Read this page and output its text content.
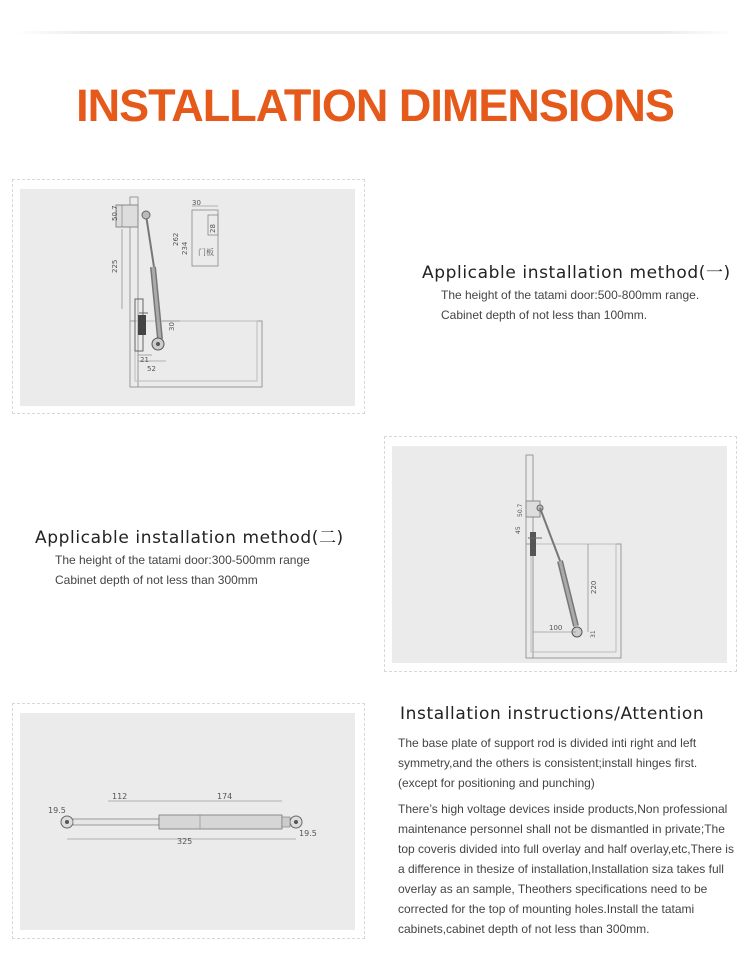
INSTALLATION DIMENSIONS
50.7
225
30
21
52
30
262
28
234 门板
Applicable installation method(一)
The height of the tatami door:500-800mm range.
Cabinet depth of not less than 100mm.
Applicable installation method(二)
The height of the tatami door:300-500mm range
Cabinet depth of not less than 300mm
50.7
45
220
100
31
112	174
325
19.5
19.5
Installation instructions/Attention
The base plate of support rod is divided inti right and left symmetry,and the others is consistent;install hinges first. (except for positioning and punching)
There’s high voltage devices inside products,Non professional maintenance personnel shall not be dismantled in private;The top coveris divided into full overlay and half overlay,etc,There is a difference in thesize of installation,Installation siza takes full overlay as an sample, Theothers specifications need to be corrected for the top of mounting holes.Install the tatami cabinets,cabinet depth of not less than 300mm.
